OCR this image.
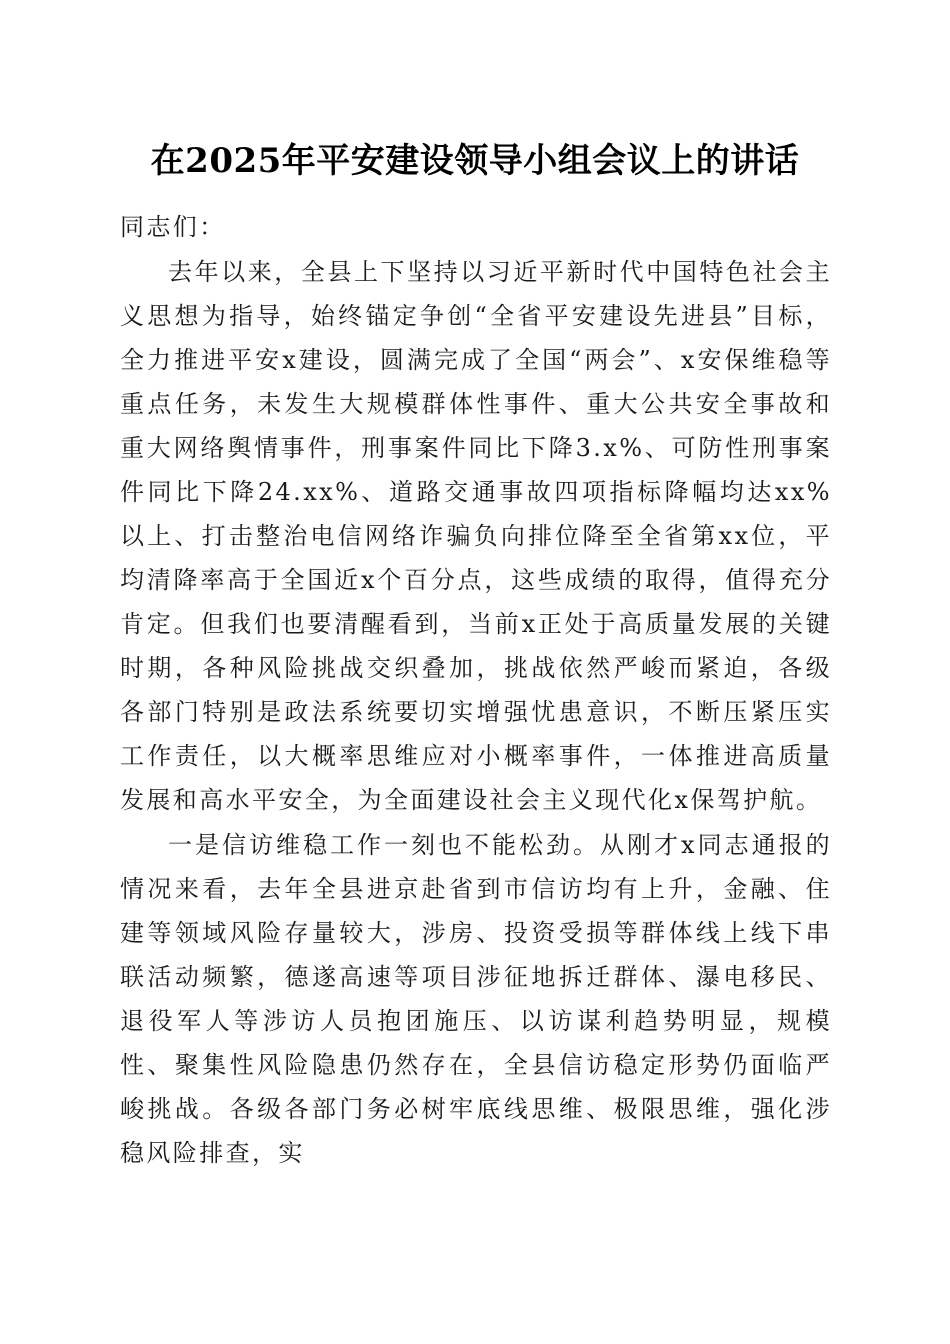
在2025年平安建设领导小组会议上的讲话

同志们：

去年以来，全县上下坚持以习近平新时代中国特色社会主义思想为指导，始终锚定争创“全省平安建设先进县”目标，全力推进平安x建设，圆满完成了全国“两会”、x安保维稳等重点任务，未发生大规模群体性事件、重大公共安全事故和重大网络舆情事件，刑事案件同比下降3.x%、可防性刑事案件同比下降24.xx%、道路交通事故四项指标降幅均达xx%以上、打击整治电信网络诈骗负向排位降至全省第xx位，平均清降率高于全国近x个百分点，这些成绩的取得，值得充分肯定。但我们也要清醒看到，当前x正处于高质量发展的关键时期，各种风险挑战交织叠加，挑战依然严峻而紧迫，各级各部门特别是政法系统要切实增强忧患意识，不断压紧压实工作责任，以大概率思维应对小概率事件，一体推进高质量发展和高水平安全，为全面建设社会主义现代化x保驾护航。

一是信访维稳工作一刻也不能松劲。从刚才x同志通报的情况来看，去年全县进京赴省到市信访均有上升，金融、住建等领域风险存量较大，涉房、投资受损等群体线上线下串联活动频繁，德遂高速等项目涉征地拆迁群体、瀑电移民、退役军人等涉访人员抱团施压、以访谋利趋势明显，规模性、聚集性风险隐患仍然存在，全县信访稳定形势仍面临严峻挑战。各级各部门务必树牢底线思维、极限思维，强化涉稳风险排查，实
